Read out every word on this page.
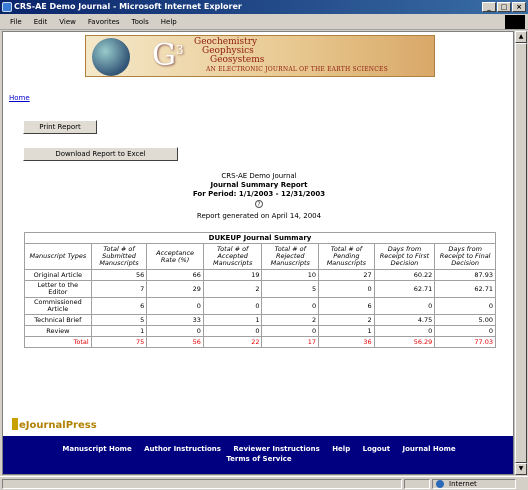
CRS-AE Demo Journal - Microsoft Internet Explorer	_	□	×
File	Edit	View	Favorites	Tools	Help
$G^3$
Geochemistry
Geophysics
Geosystems
AN ELECTRONIC JOURNAL OF THE EARTH SCIENCES
Home
Print Report
Download Report to Excel
CRS-AE Demo Journal
Journal Summary Report
For Period: 1/1/2003 - 12/31/2003
?
Report generated on April 14, 2004
DUKEUP Journal Summary							
Manuscript Types	Total # of Submitted Manuscripts	Acceptance Rate (%)	Total # of Accepted Manuscripts	Total # of Rejected Manuscripts	Total # of Pending Manuscripts	Days from Receipt to First Decision	Days from Receipt to Final Decision
Original Article	56	66	19	10	27	60.22	87.93
Letter to the Editor	7	29	2	5	0	62.71	62.71
Commissioned Article	6	0	0	0	6	0	0
Technical Brief	5	33	1	2	2	4.75	5.00
Review	1	0	0	0	1	0	0
Total	75	56	22	17	36	56.29	77.03
eJournalPress
Manuscript Home Author Instructions Reviewer Instructions Help Logout Journal Home
Terms of Service
▲
▼
Internet
